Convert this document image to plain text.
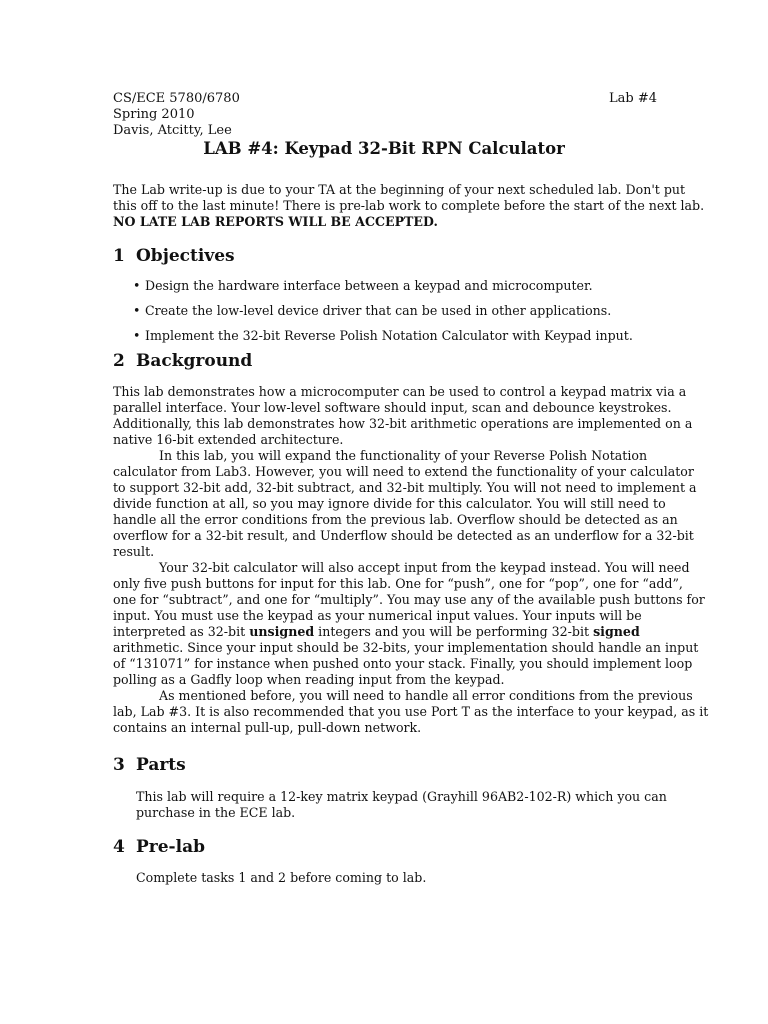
CS/ECE 5780/6780	Lab #4
Spring 2010
Davis, Atcitty, Lee
LAB #4: Keypad 32-Bit RPN Calculator
The Lab write-up is due to your TA at the beginning of your next scheduled lab. Don't put
this off to the last minute! There is pre-lab work to complete before the start of the next lab.
NO LATE LAB REPORTS WILL BE ACCEPTED.
1 Objectives
• Design the hardware interface between a keypad and microcomputer.
• Create the low-level device driver that can be used in other applications.
• Implement the 32-bit Reverse Polish Notation Calculator with Keypad input.
2 Background
This lab demonstrates how a microcomputer can be used to control a keypad matrix via a
parallel interface. Your low-level software should input, scan and debounce keystrokes.
Additionally, this lab demonstrates how 32-bit arithmetic operations are implemented on a
native 16-bit extended architecture.
In this lab, you will expand the functionality of your Reverse Polish Notation
calculator from Lab3. However, you will need to extend the functionality of your calculator
to support 32-bit add, 32-bit subtract, and 32-bit multiply. You will not need to implement a
divide function at all, so you may ignore divide for this calculator. You will still need to
handle all the error conditions from the previous lab. Overflow should be detected as an
overflow for a 32-bit result, and Underflow should be detected as an underflow for a 32-bit
result.
Your 32-bit calculator will also accept input from the keypad instead. You will need
only five push buttons for input for this lab. One for “push”, one for “pop”, one for “add”,
one for “subtract”, and one for “multiply”. You may use any of the available push buttons for
input. You must use the keypad as your numerical input values. Your inputs will be
interpreted as 32-bit unsigned integers and you will be performing 32-bit signed
arithmetic. Since your input should be 32-bits, your implementation should handle an input
of “131071” for instance when pushed onto your stack. Finally, you should implement loop
polling as a Gadfly loop when reading input from the keypad.
As mentioned before, you will need to handle all error conditions from the previous
lab, Lab #3. It is also recommended that you use Port T as the interface to your keypad, as it
contains an internal pull-up, pull-down network.
3 Parts
This lab will require a 12-key matrix keypad (Grayhill 96AB2-102-R) which you can
purchase in the ECE lab.
4 Pre-lab
Complete tasks 1 and 2 before coming to lab.
